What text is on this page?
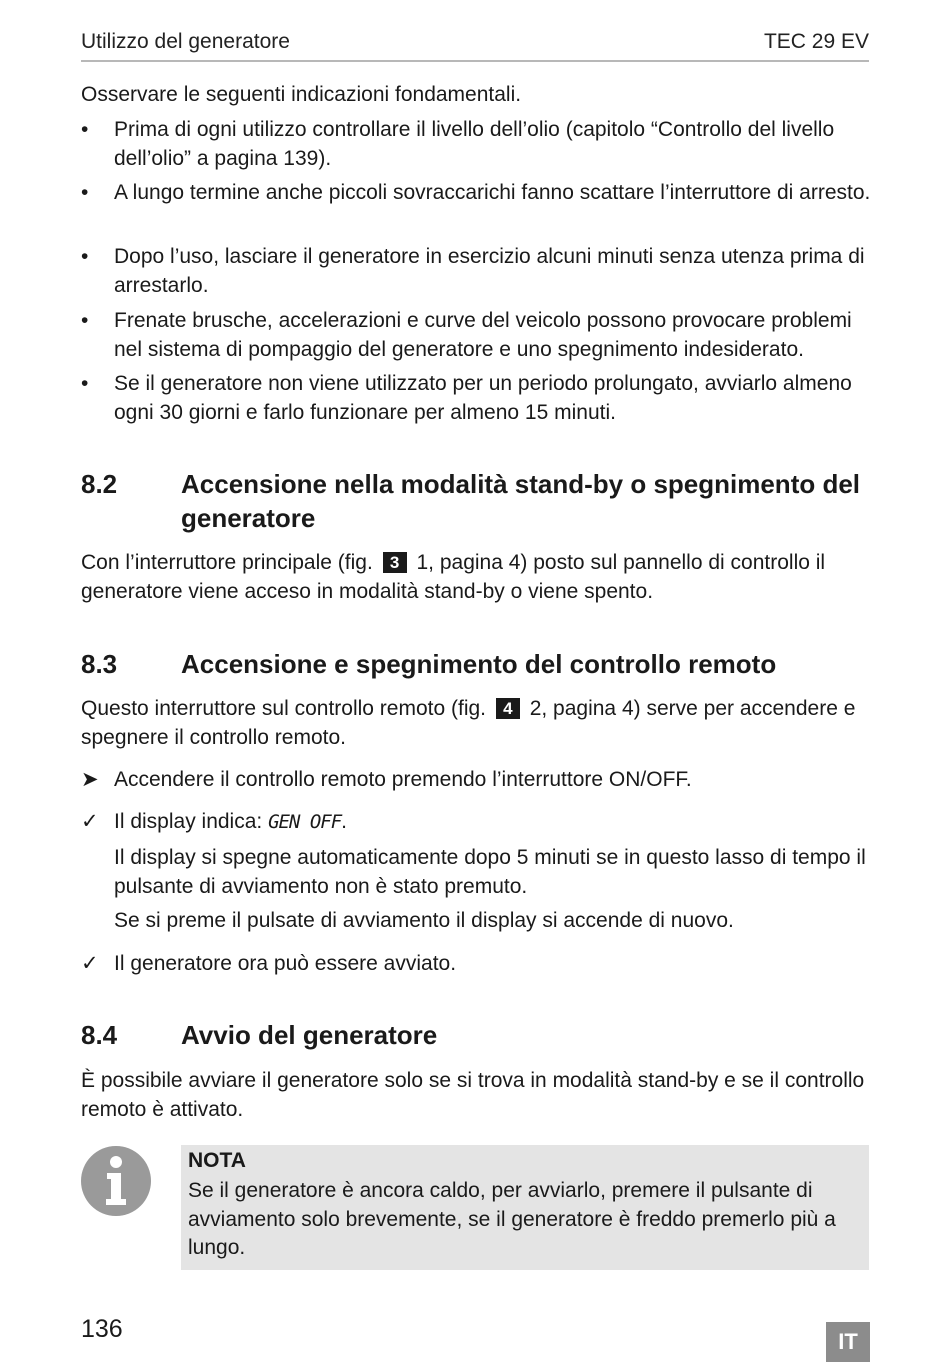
Utilizzo del generatore	TEC 29 EV
Osservare le seguenti indicazioni fondamentali.
•	Prima di ogni utilizzo controllare il livello dell’olio (capitolo “Controllo del livello dell’olio” a pagina 139).
•	A lungo termine anche piccoli sovraccarichi fanno scattare l’interruttore di arresto.
•	Dopo l’uso, lasciare il generatore in esercizio alcuni minuti senza utenza prima di arrestarlo.
•	Frenate brusche, accelerazioni e curve del veicolo possono provocare problemi nel sistema di pompaggio del generatore e uno spegnimento indesiderato.
•	Se il generatore non viene utilizzato per un periodo prolungato, avviarlo almeno ogni 30 giorni e farlo funzionare per almeno 15 minuti.
8.2 Accensione nella modalità stand-by o spegnimento del generatore
Con l’interruttore principale (fig. 3 1, pagina 4) posto sul pannello di controllo il generatore viene acceso in modalità stand-by o viene spento.
8.3 Accensione e spegnimento del controllo remoto
Questo interruttore sul controllo remoto (fig. 4 2, pagina 4) serve per accendere e spegnere il controllo remoto.
➤ Accendere il controllo remoto premendo l’interruttore ON/OFF.
✓ Il display indica: GEN OFF.
Il display si spegne automaticamente dopo 5 minuti se in questo lasso di tempo il pulsante di avviamento non è stato premuto.
Se si preme il pulsate di avviamento il display si accende di nuovo.
✓ Il generatore ora può essere avviato.
8.4 Avvio del generatore
È possibile avviare il generatore solo se si trova in modalità stand-by e se il controllo remoto è attivato.
NOTA
Se il generatore è ancora caldo, per avviarlo, premere il pulsante di avviamento solo brevemente, se il generatore è freddo premerlo più a lungo.
136	IT
